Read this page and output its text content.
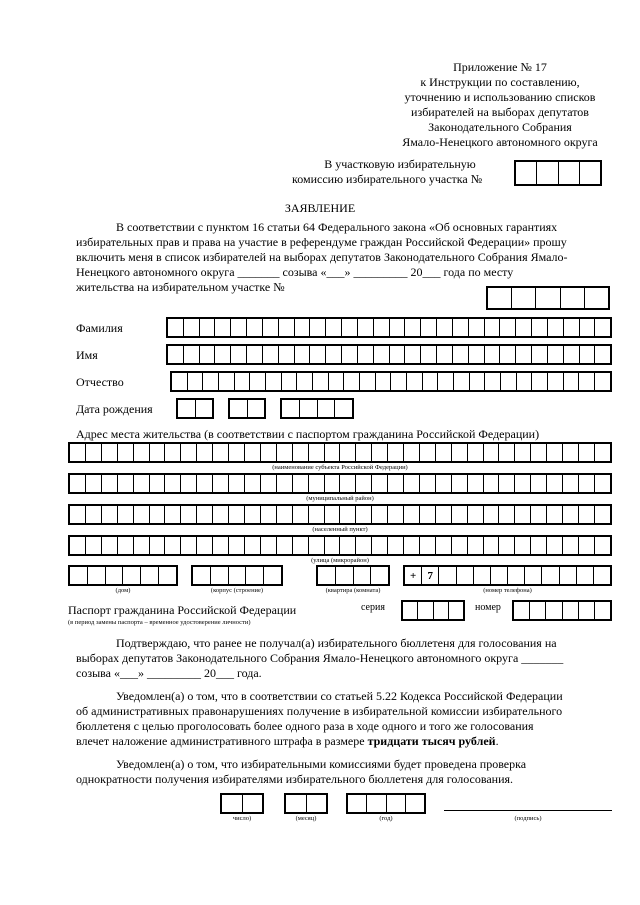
Приложение № 17
к Инструкции по составлению,
уточнению и использованию списков
избирателей на выборах депутатов
Законодательного Собрания
Ямало-Ненецкого автономного округа
В участковую избирательную
комиссию избирательного участка №
ЗАЯВЛЕНИЕ
В соответствии с пунктом 16 статьи 64 Федерального закона «Об основных гарантиях
избирательных прав и права на участие в референдуме граждан Российской Федерации» прошу
включить меня в список избирателей на выборах депутатов Законодательного Собрания Ямало-
Ненецкого автономного округа _______ созыва «___» _________ 20___ года по месту
жительства на избирательном участке №
Фамилия
Имя
Отчество
Дата рождения
Адрес места жительства (в соответствии с паспортом гражданина Российской Федерации)
(наименование субъекта Российской Федерации)
(муниципальный район)
(населенный пункт)
(улица (микрорайон)
(дом)	(корпус (строение)	(квартира (комната)
+	7
(номер телефона)
Паспорт гражданина Российской Федерации
(в период замены паспорта – временное удостоверение личности)
серия	номер
Подтверждаю, что ранее не получал(а) избирательного бюллетеня для голосования на
выборах депутатов Законодательного Собрания Ямало-Ненецкого автономного округа _______
созыва «___» _________ 20___ года.
Уведомлен(а) о том, что в соответствии со статьей 5.22 Кодекса Российской Федерации
об административных правонарушениях получение в избирательной комиссии избирательного
бюллетеня с целью проголосовать более одного раза в ходе одного и того же голосования
влечет наложение административного штрафа в размере тридцати тысяч рублей.
Уведомлен(а) о том, что избирательными комиссиями будет проведена проверка
однократности получения избирателями избирательного бюллетеня для голосования.
число)	(месяц)	(год)	(подпись)
